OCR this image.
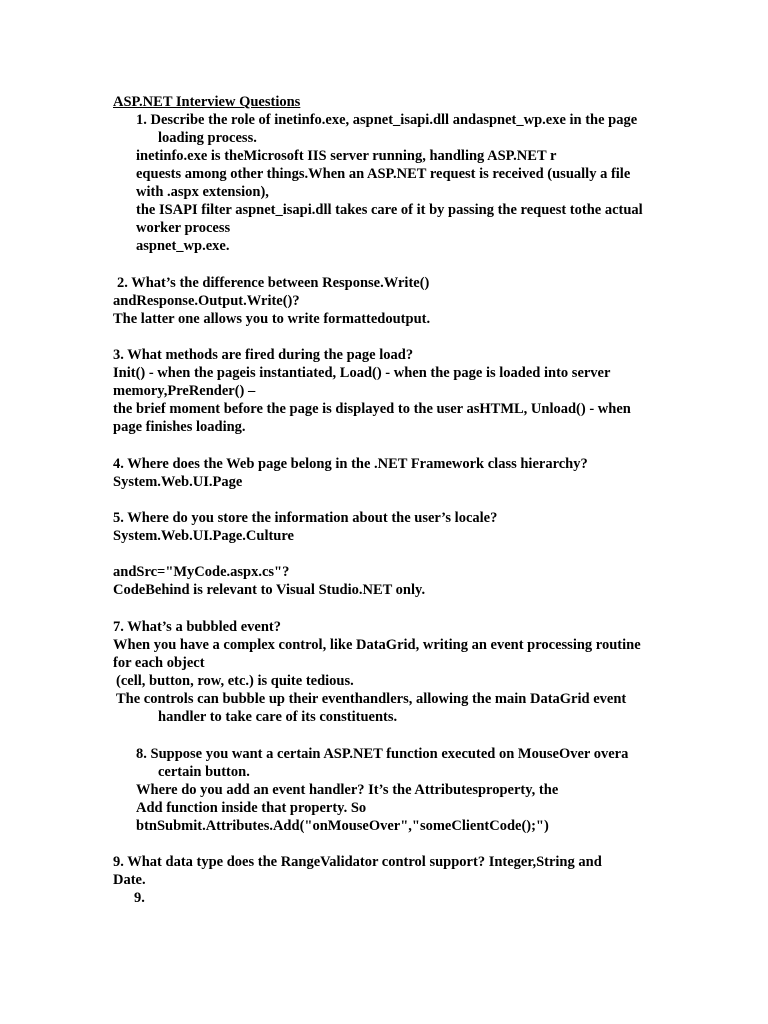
ASP.NET Interview Questions
1. Describe the role of inetinfo.exe, aspnet_isapi.dll andaspnet_wp.exe in the page
loading process.
inetinfo.exe is theMicrosoft IIS server running, handling ASP.NET r
equests among other things.When an ASP.NET request is received (usually a file
with .aspx extension),
the ISAPI filter aspnet_isapi.dll takes care of it by passing the request tothe actual
worker process
aspnet_wp.exe.
2. What’s the difference between Response.Write()
andResponse.Output.Write()?
The latter one allows you to write formattedoutput.
3. What methods are fired during the page load?
Init() - when the pageis instantiated, Load() - when the page is loaded into server
memory,PreRender() –
the brief moment before the page is displayed to the user asHTML, Unload() - when
page finishes loading.
4. Where does the Web page belong in the .NET Framework class hierarchy?
System.Web.UI.Page
5. Where do you store the information about the user’s locale?
System.Web.UI.Page.Culture
andSrc="MyCode.aspx.cs"?
CodeBehind is relevant to Visual Studio.NET only.
7. What’s a bubbled event?
When you have a complex control, like DataGrid, writing an event processing routine
for each object
(cell, button, row, etc.) is quite tedious.
The controls can bubble up their eventhandlers, allowing the main DataGrid event
handler to take care of its constituents.
8. Suppose you want a certain ASP.NET function executed on MouseOver overa
certain button.
Where do you add an event handler? It’s the Attributesproperty, the
Add function inside that property. So
btnSubmit.Attributes.Add("onMouseOver","someClientCode();")
9. What data type does the RangeValidator control support? Integer,String and
Date.
9.
